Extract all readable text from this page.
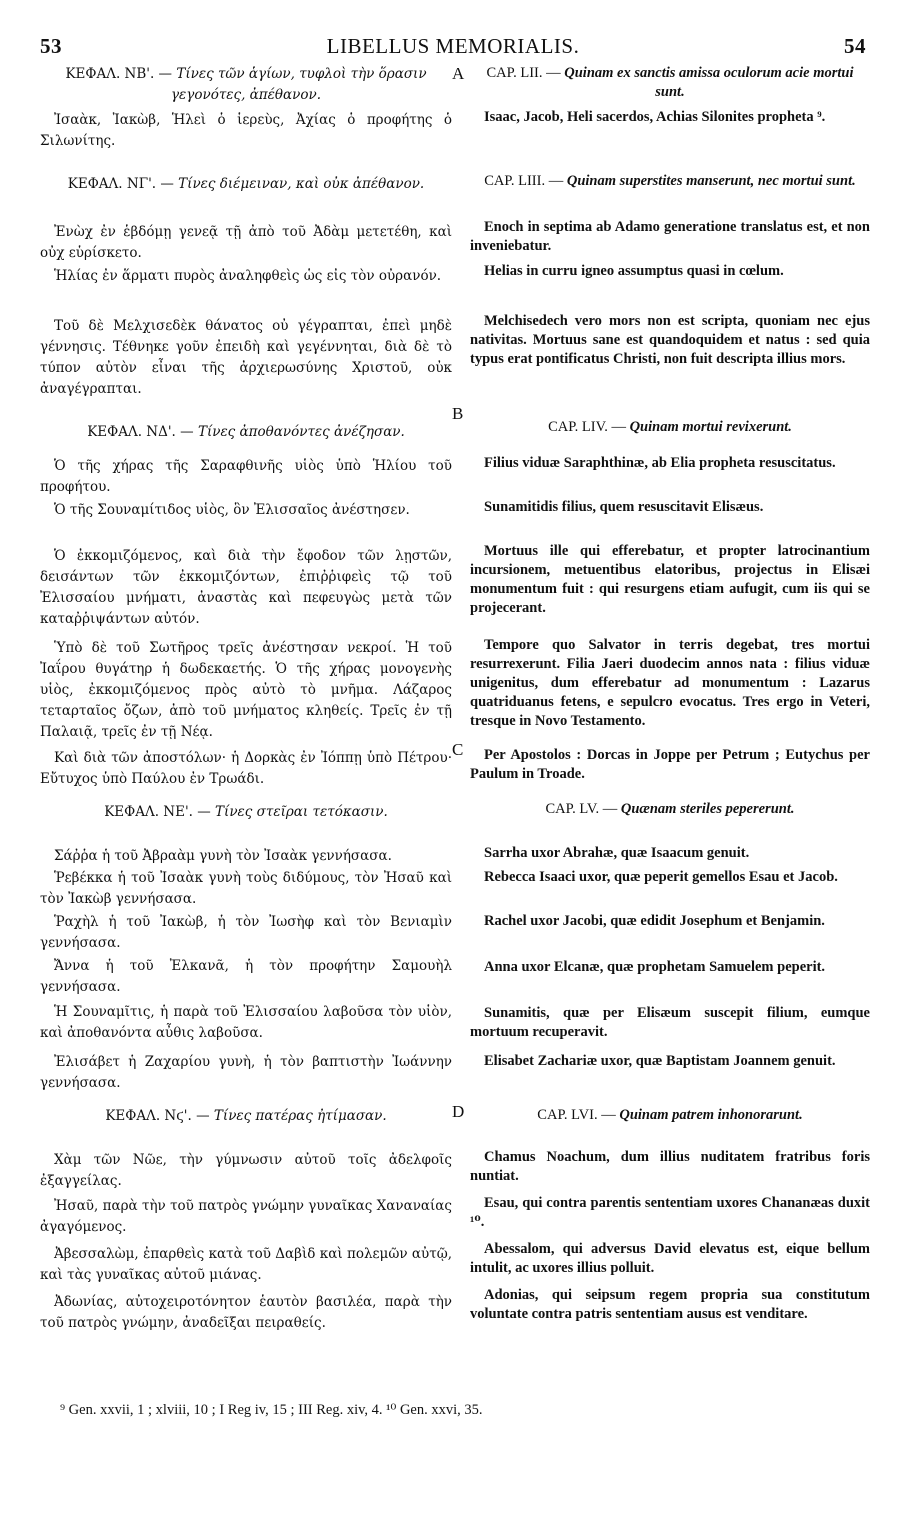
53	LIBELLUS MEMORIALIS.	54
A
B
C
D

ΚΕΦΑΛ. ΝΒ'. — Τίνες τῶν ἁγίων, τυφλοὶ τὴν ὅρασιν γεγονότες, ἀπέθανον.

Ἰσαὰκ, Ἰακὼβ, Ἡλεὶ ὁ ἱερεὺς, Ἀχίας ὁ προφήτης ὁ Σιλωνίτης.

ΚΕΦΑΛ. ΝΓ'. — Τίνες διέμειναν, καὶ οὐκ ἀπέθανον.

Ἐνὼχ ἐν ἑβδόμῃ γενεᾷ τῇ ἀπὸ τοῦ Ἀδὰμ μετετέθη, καὶ οὐχ εὑρίσκετο.

Ἡλίας ἐν ἅρματι πυρὸς ἀναληφθεὶς ὡς εἰς τὸν οὐρανόν.

Τοῦ δὲ Μελχισεδὲκ θάνατος οὐ γέγραπται, ἐπεὶ μηδὲ γέννησις. Τέθνηκε γοῦν ἐπειδὴ καὶ γεγέννηται, διὰ δὲ τὸ τύπον αὐτὸν εἶναι τῆς ἀρχιερωσύνης Χριστοῦ, οὐκ ἀναγέγραπται.

ΚΕΦΑΛ. ΝΔ'. — Τίνες ἀποθανόντες ἀνέζησαν.

Ὁ τῆς χήρας τῆς Σαραφθινῆς υἱὸς ὑπὸ Ἡλίου τοῦ προφήτου.

Ὁ τῆς Σουναμίτιδος υἱὸς, ὃν Ἐλισσαῖος ἀνέστησεν.

Ὁ ἐκκομιζόμενος, καὶ διὰ τὴν ἔφοδον τῶν λῃστῶν, δεισάντων τῶν ἐκκομιζόντων, ἐπιῤῥιφεὶς τῷ τοῦ Ἐλισσαίου μνήματι, ἀναστὰς καὶ πεφευγὼς μετὰ τῶν καταῤῥιψάντων αὐτόν.

Ὑπὸ δὲ τοῦ Σωτῆρος τρεῖς ἀνέστησαν νεκροί. Ἡ τοῦ Ἰαΐρου θυγάτηρ ἡ δωδεκαετής. Ὁ τῆς χήρας μονογενὴς υἱὸς, ἐκκομιζόμενος πρὸς αὐτὸ τὸ μνῆμα. Λάζαρος τεταρταῖος ὄζων, ἀπὸ τοῦ μνήματος κληθείς. Τρεῖς ἐν τῇ Παλαιᾷ, τρεῖς ἐν τῇ Νέᾳ.

Καὶ διὰ τῶν ἀποστόλων· ἡ Δορκὰς ἐν Ἰόππῃ ὑπὸ Πέτρου· Εὔτυχος ὑπὸ Παύλου ἐν Τρωάδι.

ΚΕΦΑΛ. ΝΕ'. — Τίνες στεῖραι τετόκασιν.

Σάῤῥα ἡ τοῦ Ἀβραὰμ γυνὴ τὸν Ἰσαὰκ γεννήσασα.

Ῥεβέκκα ἡ τοῦ Ἰσαὰκ γυνὴ τοὺς διδύμους, τὸν Ἠσαῦ καὶ τὸν Ἰακὼβ γεννήσασα.

Ῥαχὴλ ἡ τοῦ Ἰακὼβ, ἡ τὸν Ἰωσὴφ καὶ τὸν Βενιαμὶν γεννήσασα.

Ἄννα ἡ τοῦ Ἐλκανᾶ, ἡ τὸν προφήτην Σαμουὴλ γεννήσασα.

Ἡ Σουναμῖτις, ἡ παρὰ τοῦ Ἐλισσαίου λαβοῦσα τὸν υἱὸν, καὶ ἀποθανόντα αὖθις λαβοῦσα.

Ἐλισάβετ ἡ Ζαχαρίου γυνὴ, ἡ τὸν βαπτιστὴν Ἰωάννην γεννήσασα.

ΚΕΦΑΛ. Νϛ'. — Τίνες πατέρας ἠτίμασαν.

Χὰμ τῶν Νῶε, τὴν γύμνωσιν αὐτοῦ τοῖς ἀδελφοῖς ἐξαγγείλας.

Ἠσαῦ, παρὰ τὴν τοῦ πατρὸς γνώμην γυναῖκας Χαναναίας ἀγαγόμενος.

Ἀβεσσαλὼμ, ἐπαρθεὶς κατὰ τοῦ Δαβὶδ καὶ πολεμῶν αὐτῷ, καὶ τὰς γυναῖκας αὐτοῦ μιάνας.

Ἀδωνίας, αὐτοχειροτόνητον ἑαυτὸν βασιλέα, παρὰ τὴν τοῦ πατρὸς γνώμην, ἀναδεῖξαι πειραθείς.

CAP. LII. — Quinam ex sanctis amissa oculorum acie mortui sunt.

Isaac, Jacob, Heli sacerdos, Achias Silonites propheta ⁹.

CAP. LIII. — Quinam superstites manserunt, nec mortui sunt.

Enoch in septima ab Adamo generatione translatus est, et non inveniebatur.

Helias in curru igneo assumptus quasi in cœlum.

Melchisedech vero mors non est scripta, quoniam nec ejus nativitas. Mortuus sane est quandoquidem et natus : sed quia typus erat pontificatus Christi, non fuit descripta illius mors.

CAP. LIV. — Quinam mortui revixerunt.

Filius viduæ Saraphthinæ, ab Elia propheta resuscitatus.

Sunamitidis filius, quem resuscitavit Elisæus.

Mortuus ille qui efferebatur, et propter latrocinantium incursionem, metuentibus elatoribus, projectus in Elisæi monumentum fuit : qui resurgens etiam aufugit, cum iis qui se projecerant.

Tempore quo Salvator in terris degebat, tres mortui resurrexerunt. Filia Jaeri duodecim annos nata : filius viduæ unigenitus, dum efferebatur ad monumentum : Lazarus quatriduanus fetens, e sepulcro evocatus. Tres ergo in Veteri, tresque in Novo Testamento.

Per Apostolos : Dorcas in Joppe per Petrum ; Eutychus per Paulum in Troade.

CAP. LV. — Quænam steriles pepererunt.

Sarrha uxor Abrahæ, quæ Isaacum genuit.

Rebecca Isaaci uxor, quæ peperit gemellos Esau et Jacob.

Rachel uxor Jacobi, quæ edidit Josephum et Benjamin.

Anna uxor Elcanæ, quæ prophetam Samuelem peperit.

Sunamitis, quæ per Elisæum suscepit filium, eumque mortuum recuperavit.

Elisabet Zachariæ uxor, quæ Baptistam Joannem genuit.

CAP. LVI. — Quinam patrem inhonorarunt.

Chamus Noachum, dum illius nuditatem fratribus foris nuntiat.

Esau, qui contra parentis sententiam uxores Chananæas duxit ¹⁰.

Abessalom, qui adversus David elevatus est, eique bellum intulit, ac uxores illius polluit.

Adonias, qui seipsum regem propria sua constitutum voluntate contra patris sententiam ausus est venditare.

⁹ Gen. xxvii, 1 ; xlviii, 10 ; I Reg iv, 15 ; III Reg. xiv, 4. ¹⁰ Gen. xxvi, 35.
